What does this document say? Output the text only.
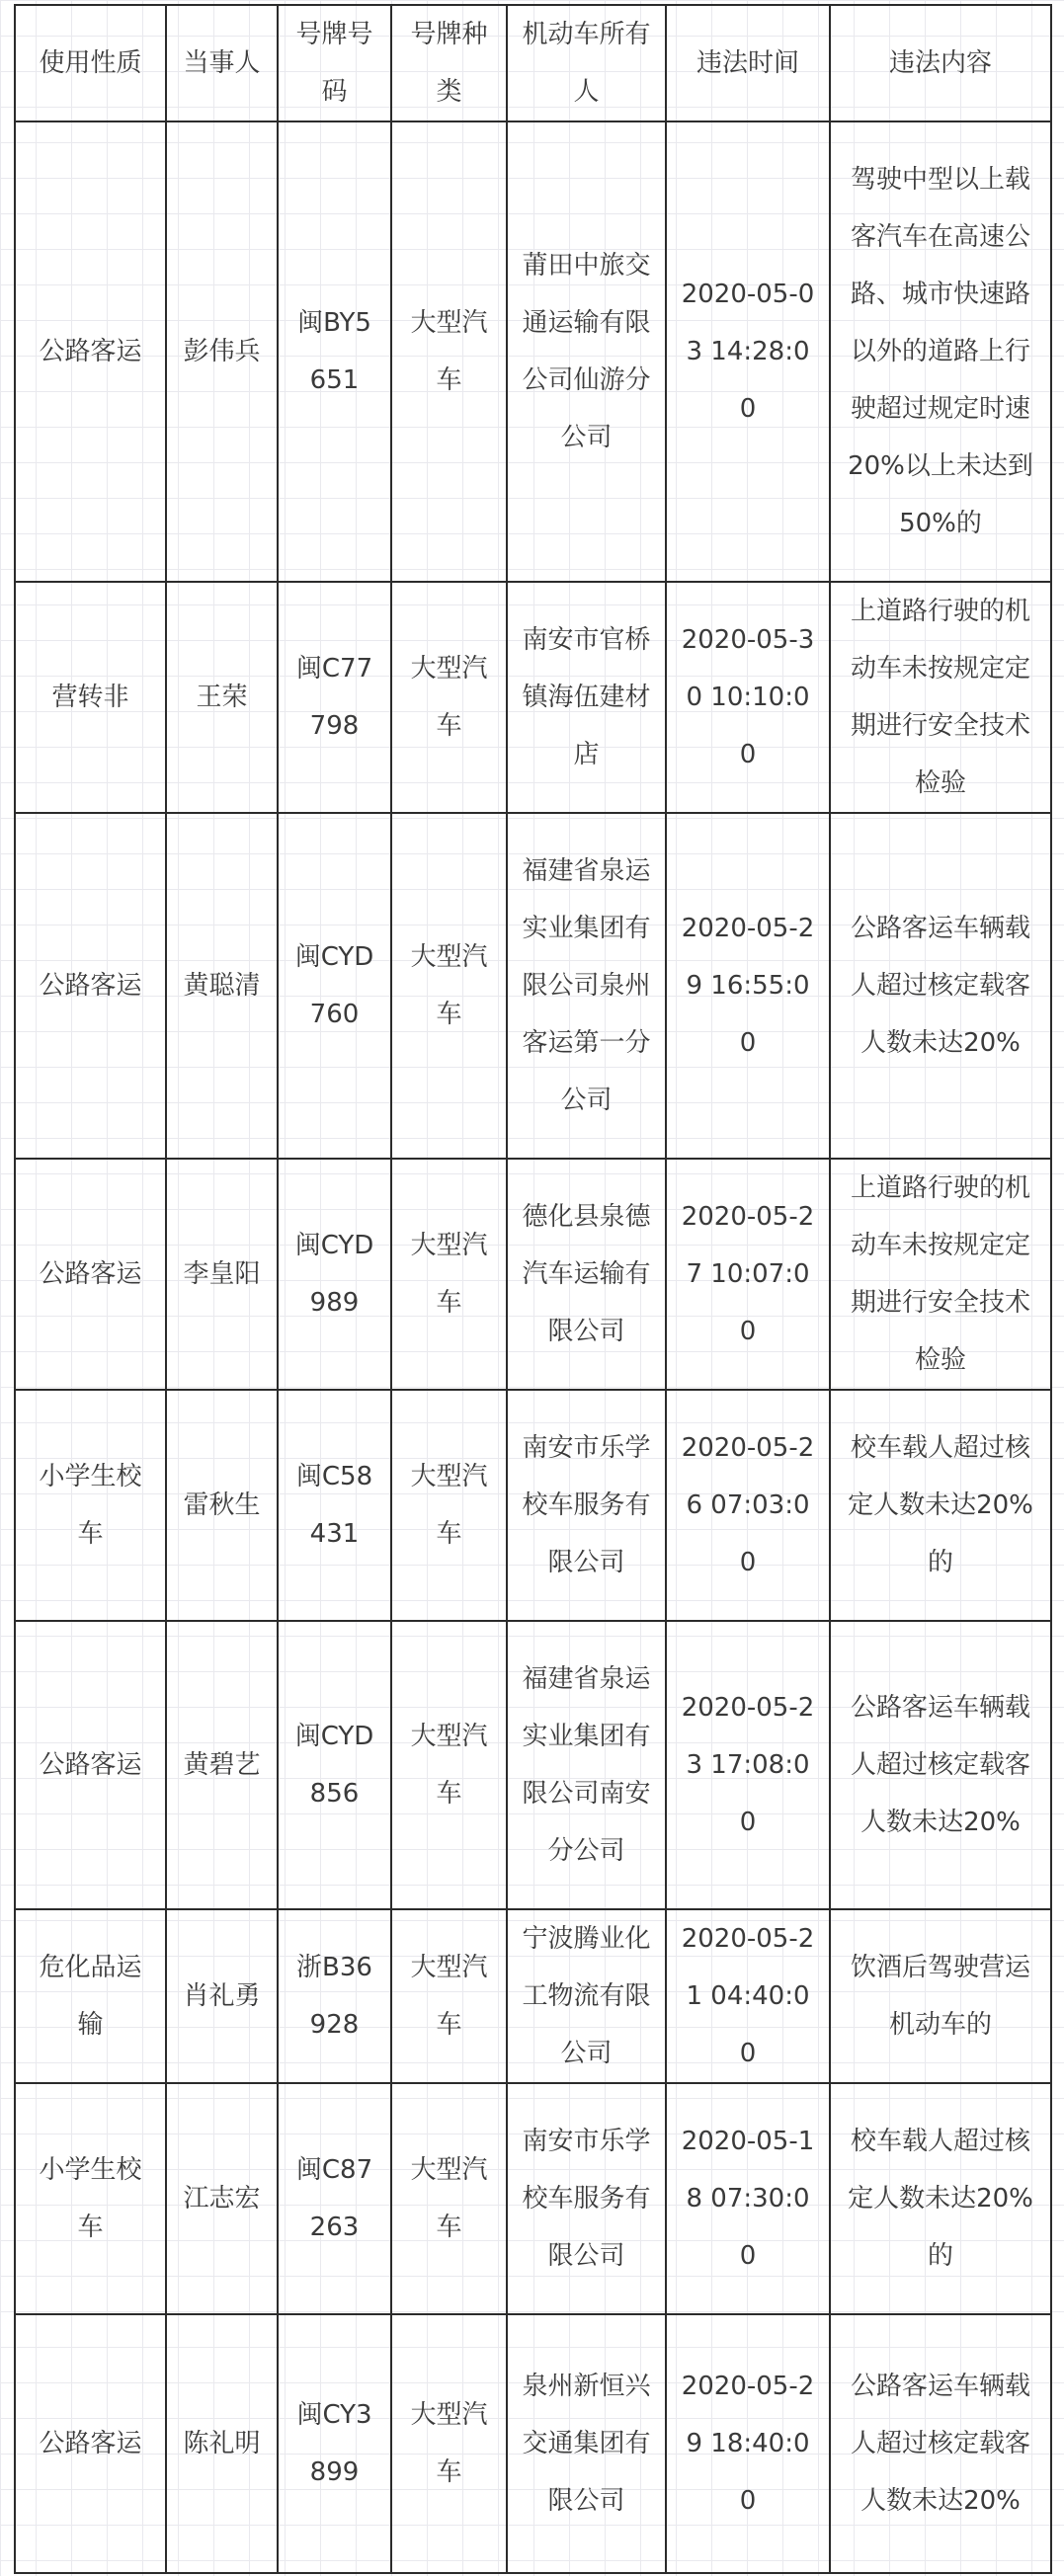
使用性质	当事人	号牌号码	号牌种类	机动车所有人	违法时间	违法内容
公路客运	彭伟兵	闽BY5651	大型汽车	莆田中旅交通运输有限公司仙游分公司	2020-05-03 14:28:00	驾驶中型以上载客汽车在高速公路、城市快速路以外的道路上行驶超过规定时速20%以上未达到50%的
营转非	王荣	闽C77798	大型汽车	南安市官桥镇海伍建材店	2020-05-30 10:10:00	上道路行驶的机动车未按规定定期进行安全技术检验
公路客运	黄聪清	闽CYD760	大型汽车	福建省泉运实业集团有限公司泉州客运第一分公司	2020-05-29 16:55:00	公路客运车辆载人超过核定载客人数未达20%
公路客运	李皇阳	闽CYD989	大型汽车	德化县泉德汽车运输有限公司	2020-05-27 10:07:00	上道路行驶的机动车未按规定定期进行安全技术检验
小学生校车	雷秋生	闽C58431	大型汽车	南安市乐学校车服务有限公司	2020-05-26 07:03:00	校车载人超过核定人数未达20%的
公路客运	黄碧艺	闽CYD856	大型汽车	福建省泉运实业集团有限公司南安分公司	2020-05-23 17:08:00	公路客运车辆载人超过核定载客人数未达20%
危化品运输	肖礼勇	浙B36928	大型汽车	宁波腾业化工物流有限公司	2020-05-21 04:40:00	饮酒后驾驶营运机动车的
小学生校车	江志宏	闽C87263	大型汽车	南安市乐学校车服务有限公司	2020-05-18 07:30:00	校车载人超过核定人数未达20%的
公路客运	陈礼明	闽CY3899	大型汽车	泉州新恒兴交通集团有限公司	2020-05-29 18:40:00	公路客运车辆载人超过核定载客人数未达20%
